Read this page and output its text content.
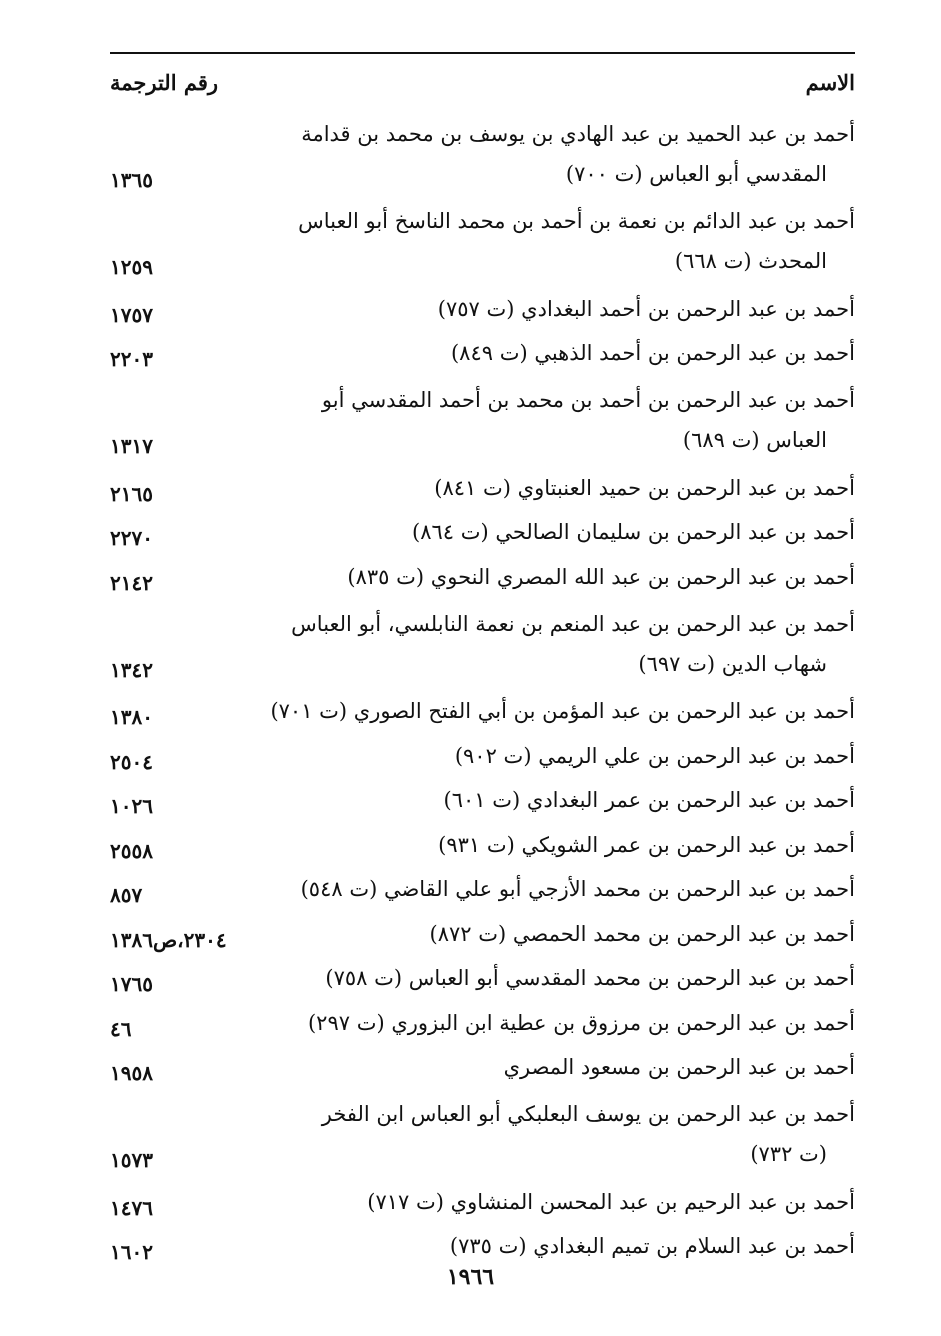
الاسم
رقم الترجمة
أحمد بن عبد الحميد بن عبد الهادي بن يوسف بن محمد بن قدامة
المقدسي أبو العباس (ت ٧٠٠)
١٣٦٥
أحمد بن عبد الدائم بن نعمة بن أحمد بن محمد الناسخ أبو العباس
المحدث (ت ٦٦٨)
١٢٥٩
أحمد بن عبد الرحمن بن أحمد البغدادي (ت ٧٥٧)
١٧٥٧
أحمد بن عبد الرحمن بن أحمد الذهبي (ت ٨٤٩)
٢٢٠٣
أحمد بن عبد الرحمن بن أحمد بن محمد بن أحمد المقدسي أبو
العباس (ت ٦٨٩)
١٣١٧
أحمد بن عبد الرحمن بن حميد العنبتاوي (ت ٨٤١)
٢١٦٥
أحمد بن عبد الرحمن بن سليمان الصالحي (ت ٨٦٤)
٢٢٧٠
أحمد بن عبد الرحمن بن عبد الله المصري النحوي (ت ٨٣٥)
٢١٤٢
أحمد بن عبد الرحمن بن عبد المنعم بن نعمة النابلسي، أبو العباس
شهاب الدين (ت ٦٩٧)
١٣٤٢
أحمد بن عبد الرحمن بن عبد المؤمن بن أبي الفتح الصوري (ت ٧٠١)
١٣٨٠
أحمد بن عبد الرحمن بن علي الريمي (ت ٩٠٢)
٢٥٠٤
أحمد بن عبد الرحمن بن عمر البغدادي (ت ٦٠١)
١٠٢٦
أحمد بن عبد الرحمن بن عمر الشويكي (ت ٩٣١)
٢٥٥٨
أحمد بن عبد الرحمن بن محمد الأزجي أبو علي القاضي (ت ٥٤٨)
٨٥٧
أحمد بن عبد الرحمن بن محمد الحمصي (ت ٨٧٢)
٢٣٠٤،ص١٣٨٦
أحمد بن عبد الرحمن بن محمد المقدسي أبو العباس (ت ٧٥٨)
١٧٦٥
أحمد بن عبد الرحمن بن مرزوق بن عطية ابن البزوري (ت ٢٩٧)
٤٦
أحمد بن عبد الرحمن بن مسعود المصري
١٩٥٨
أحمد بن عبد الرحمن بن يوسف البعلبكي أبو العباس ابن الفخر
(ت ٧٣٢)
١٥٧٣
أحمد بن عبد الرحيم بن عبد المحسن المنشاوي (ت ٧١٧)
١٤٧٦
أحمد بن عبد السلام بن تميم البغدادي (ت ٧٣٥)
١٦٠٢
١٩٦٦
